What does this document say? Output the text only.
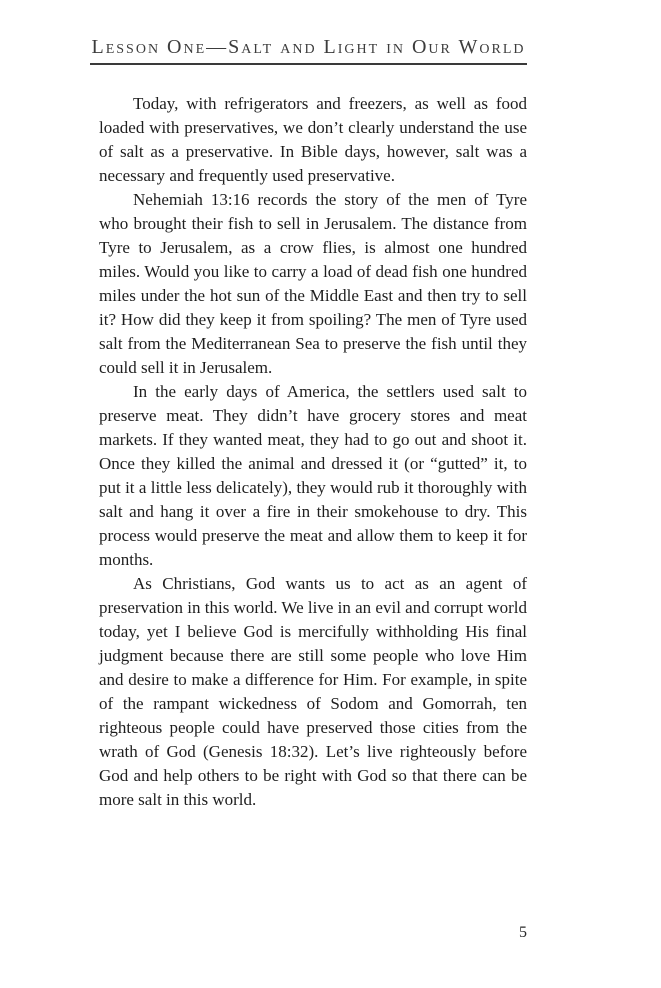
Lesson One—Salt and Light in Our World

Today, with refrigerators and freezers, as well as food loaded with preservatives, we don’t clearly understand the use of salt as a preservative. In Bible days, however, salt was a necessary and frequently used preservative.

Nehemiah 13:16 records the story of the men of Tyre who brought their fish to sell in Jerusalem. The distance from Tyre to Jerusalem, as a crow flies, is almost one hundred miles. Would you like to carry a load of dead fish one hundred miles under the hot sun of the Middle East and then try to sell it? How did they keep it from spoiling? The men of Tyre used salt from the Mediterranean Sea to preserve the fish until they could sell it in Jerusalem.

In the early days of America, the settlers used salt to preserve meat. They didn’t have grocery stores and meat markets. If they wanted meat, they had to go out and shoot it. Once they killed the animal and dressed it (or “gutted” it, to put it a little less delicately), they would rub it thoroughly with salt and hang it over a fire in their smokehouse to dry. This process would preserve the meat and allow them to keep it for months.

As Christians, God wants us to act as an agent of preservation in this world. We live in an evil and corrupt world today, yet I believe God is mercifully withholding His final judgment because there are still some people who love Him and desire to make a difference for Him. For example, in spite of the rampant wickedness of Sodom and Gomorrah, ten righteous people could have preserved those cities from the wrath of God (Genesis 18:32). Let’s live righteously before God and help others to be right with God so that there can be more salt in this world.

5
